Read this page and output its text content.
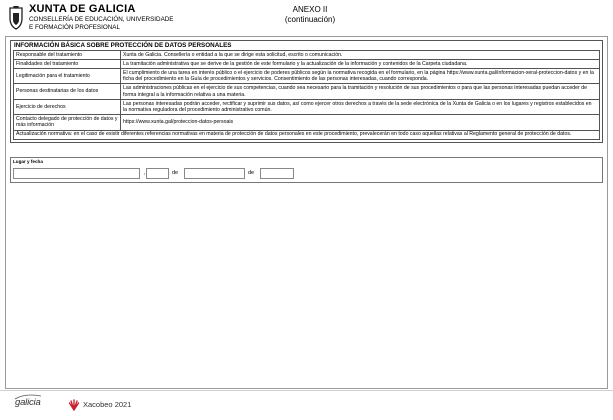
XUNTA DE GALICIA
CONSELLERÍA DE EDUCACIÓN, UNIVERSIDADE
E FORMACIÓN PROFESIONAL
ANEXO II
(continuación)
INFORMACIÓN BÁSICA SOBRE PROTECCIÓN DE DATOS PERSONALES
Responsable del tratamiento	Xunta de Galicia. Consellería o entidad a la que se dirige esta solicitud, escrito o comunicación.
Finalidades del tratamiento	La tramitación administrativa que se derive de la gestión de este formulario y la actualización de la información y contenidos de la Carpeta ciudadana.
Legitimación para el tratamiento	El cumplimiento de una tarea en interés público o el ejercicio de poderes públicos según la normativa recogida en el formulario, en la página https://www.xunta.gal/informacion-xeral-proteccion-datos y en la ficha del procedimiento en la Guía de procedimientos y servicios. Consentimiento de las personas interesadas, cuando corresponda.
Personas destinatarias de los datos	Las administraciones públicas en el ejercicio de sus competencias, cuando sea necesario para la tramitación y resolución de sus procedimientos o para que las personas interesadas puedan acceder de forma integral a la información relativa a una materia.
Ejercicio de derechos	Las personas interesadas podrán acceder, rectificar y suprimir sus datos, así como ejercer otros derechos a través de la sede electrónica de la Xunta de Galicia o en los lugares y registros establecidos en la normativa reguladora del procedimiento administrativo común.
Contacto delegado de protección de datos y más información	https://www.xunta.gal/proteccion-datos-persoais
Actualización normativa: en el caso de existir diferentes referencias normativas en materia de protección de datos personales en este procedimiento, prevalecerán en todo caso aquellas relativas al Reglamento general de protección de datos.	
Lugar y fecha
,	de	de
galicia	Xacobeo 2021
